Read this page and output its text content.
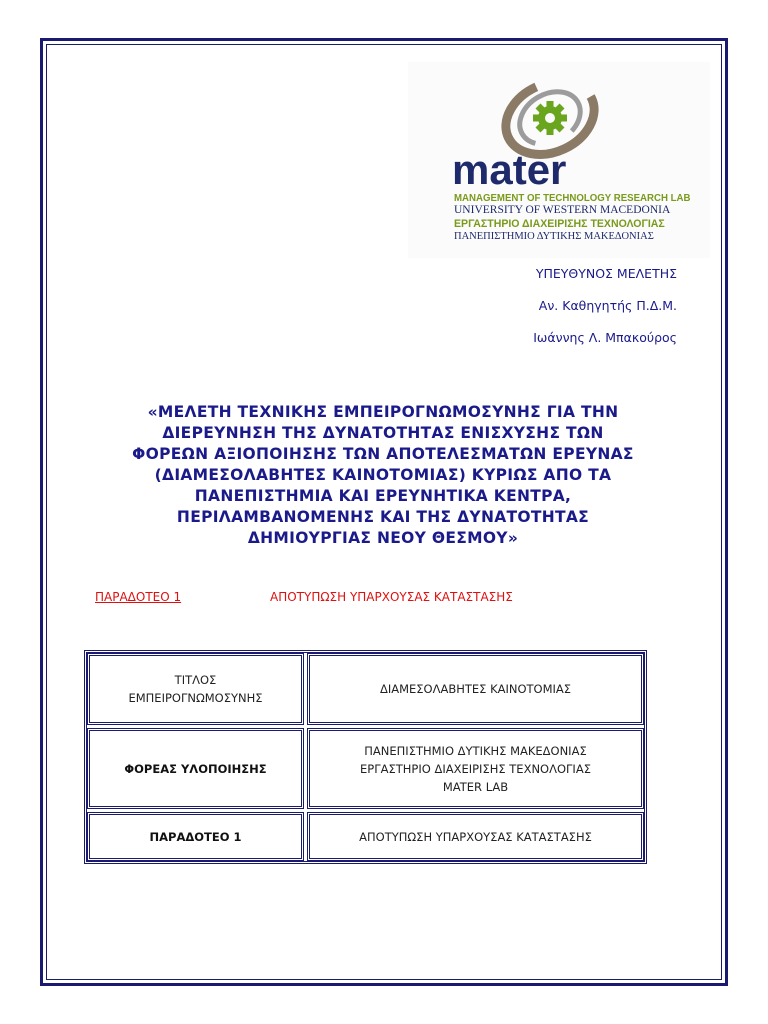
mater
MANAGEMENT OF TECHNOLOGY RESEARCH LAB
UNIVERSITY OF WESTERN MACEDONIA
ΕΡΓΑΣΤΗΡΙΟ ΔΙΑΧΕΙΡΙΣΗΣ ΤΕΧΝΟΛΟΓΙΑΣ
ΠΑΝΕΠΙΣΤΗΜΙΟ ΔΥΤΙΚΗΣ ΜΑΚΕΔΟΝΙΑΣ
ΥΠΕΥΘΥΝΟΣ ΜΕΛΕΤΗΣ
Αν. Καθηγητής Π.Δ.Μ.
Ιωάννης Λ. Μπακούρος
«ΜΕΛΕΤΗ ΤΕΧΝΙΚΗΣ ΕΜΠΕΙΡΟΓΝΩΜΟΣΥΝΗΣ ΓΙΑ ΤΗΝ
ΔΙΕΡΕΥΝΗΣΗ ΤΗΣ ΔΥΝΑΤΟΤΗΤΑΣ ΕΝΙΣΧΥΣΗΣ ΤΩΝ
ΦΟΡΕΩΝ ΑΞΙΟΠΟΙΗΣΗΣ ΤΩΝ ΑΠΟΤΕΛΕΣΜΑΤΩΝ ΕΡΕΥΝΑΣ
(ΔΙΑΜΕΣΟΛΑΒΗΤΕΣ ΚΑΙΝΟΤΟΜΙΑΣ) ΚΥΡΙΩΣ ΑΠΟ ΤΑ
ΠΑΝΕΠΙΣΤΗΜΙΑ ΚΑΙ ΕΡΕΥΝΗΤΙΚΑ ΚΕΝΤΡΑ,
ΠΕΡΙΛΑΜΒΑΝΟΜΕΝΗΣ ΚΑΙ ΤΗΣ ΔΥΝΑΤΟΤΗΤΑΣ
ΔΗΜΙΟΥΡΓΙΑΣ ΝΕΟΥ ΘΕΣΜΟΥ»
ΠΑΡΑΔΟΤΕΟ 1	ΑΠΟΤΥΠΩΣΗ ΥΠΑΡΧΟΥΣΑΣ ΚΑΤΑΣΤΑΣΗΣ
ΤΙΤΛΟΣ
ΕΜΠΕΙΡΟΓΝΩΜΟΣΥΝΗΣ
ΔΙΑΜΕΣΟΛΑΒΗΤΕΣ ΚΑΙΝΟΤΟΜΙΑΣ
ΦΟΡΕΑΣ ΥΛΟΠΟΙΗΣΗΣ
ΠΑΝΕΠΙΣΤΗΜΙΟ ΔΥΤΙΚΗΣ ΜΑΚΕΔΟΝΙΑΣ
ΕΡΓΑΣΤΗΡΙΟ ΔΙΑΧΕΙΡΙΣΗΣ ΤΕΧΝΟΛΟΓΙΑΣ
MATER LAB
ΠΑΡΑΔΟΤΕΟ 1	ΑΠΟΤΥΠΩΣΗ ΥΠΑΡΧΟΥΣΑΣ ΚΑΤΑΣΤΑΣΗΣ
